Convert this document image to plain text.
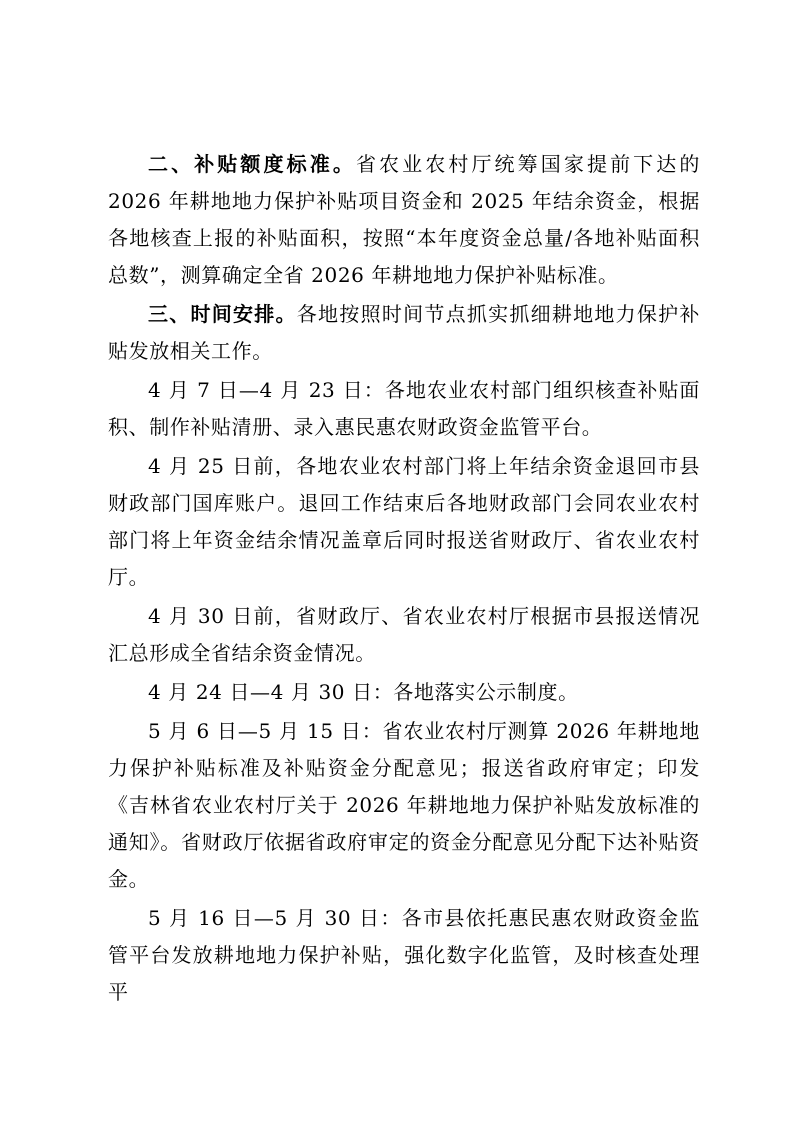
二、补贴额度标准。省农业农村厅统筹国家提前下达的 2026 年耕地地力保护补贴项目资金和 2025 年结余资金，根据各地核查上报的补贴面积，按照“本年度资金总量/各地补贴面积总数”，测算确定全省 2026 年耕地地力保护补贴标准。

三、时间安排。各地按照时间节点抓实抓细耕地地力保护补贴发放相关工作。

4 月 7 日—4 月 23 日：各地农业农村部门组织核查补贴面积、制作补贴清册、录入惠民惠农财政资金监管平台。

4 月 25 日前，各地农业农村部门将上年结余资金退回市县财政部门国库账户。退回工作结束后各地财政部门会同农业农村部门将上年资金结余情况盖章后同时报送省财政厅、省农业农村厅。

4 月 30 日前，省财政厅、省农业农村厅根据市县报送情况汇总形成全省结余资金情况。

4 月 24 日—4 月 30 日：各地落实公示制度。

5 月 6 日—5 月 15 日：省农业农村厅测算 2026 年耕地地力保护补贴标准及补贴资金分配意见；报送省政府审定；印发《吉林省农业农村厅关于 2026 年耕地地力保护补贴发放标准的通知》。省财政厅依据省政府审定的资金分配意见分配下达补贴资金。

5 月 16 日—5 月 30 日：各市县依托惠民惠农财政资金监管平台发放耕地地力保护补贴，强化数字化监管，及时核查处理平
